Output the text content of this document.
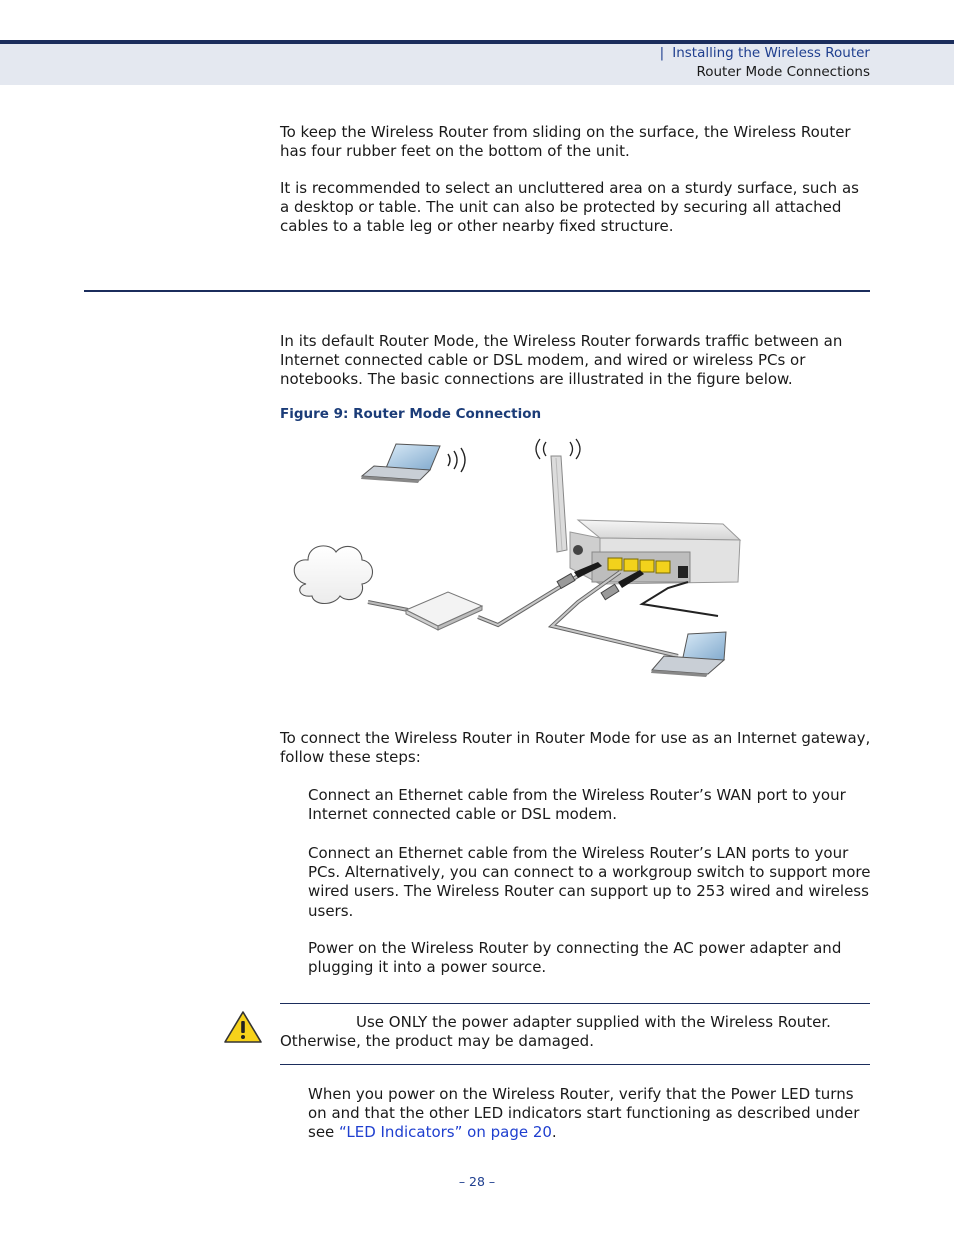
| Installing the Wireless Router
Router Mode Connections

To keep the Wireless Router from sliding on the surface, the Wireless Router has four rubber feet on the bottom of the unit.

It is recommended to select an uncluttered area on a sturdy surface, such as a desktop or table. The unit can also be protected by securing all attached cables to a table leg or other nearby fixed structure.

In its default Router Mode, the Wireless Router forwards traffic between an Internet connected cable or DSL modem, and wired or wireless PCs or notebooks. The basic connections are illustrated in the figure below.

Figure 9: Router Mode Connection

To connect the Wireless Router in Router Mode for use as an Internet gateway, follow these steps:

Connect an Ethernet cable from the Wireless Router’s WAN port to your Internet connected cable or DSL modem.

Connect an Ethernet cable from the Wireless Router’s LAN ports to your PCs. Alternatively, you can connect to a workgroup switch to support more wired users. The Wireless Router can support up to 253 wired and wireless users.

Power on the Wireless Router by connecting the AC power adapter and plugging it into a power source.

Use ONLY the power adapter supplied with the Wireless Router.
Otherwise, the product may be damaged.

When you power on the Wireless Router, verify that the Power LED turns on and that the other LED indicators start functioning as described under see “LED Indicators” on page 20.

– 28 –
